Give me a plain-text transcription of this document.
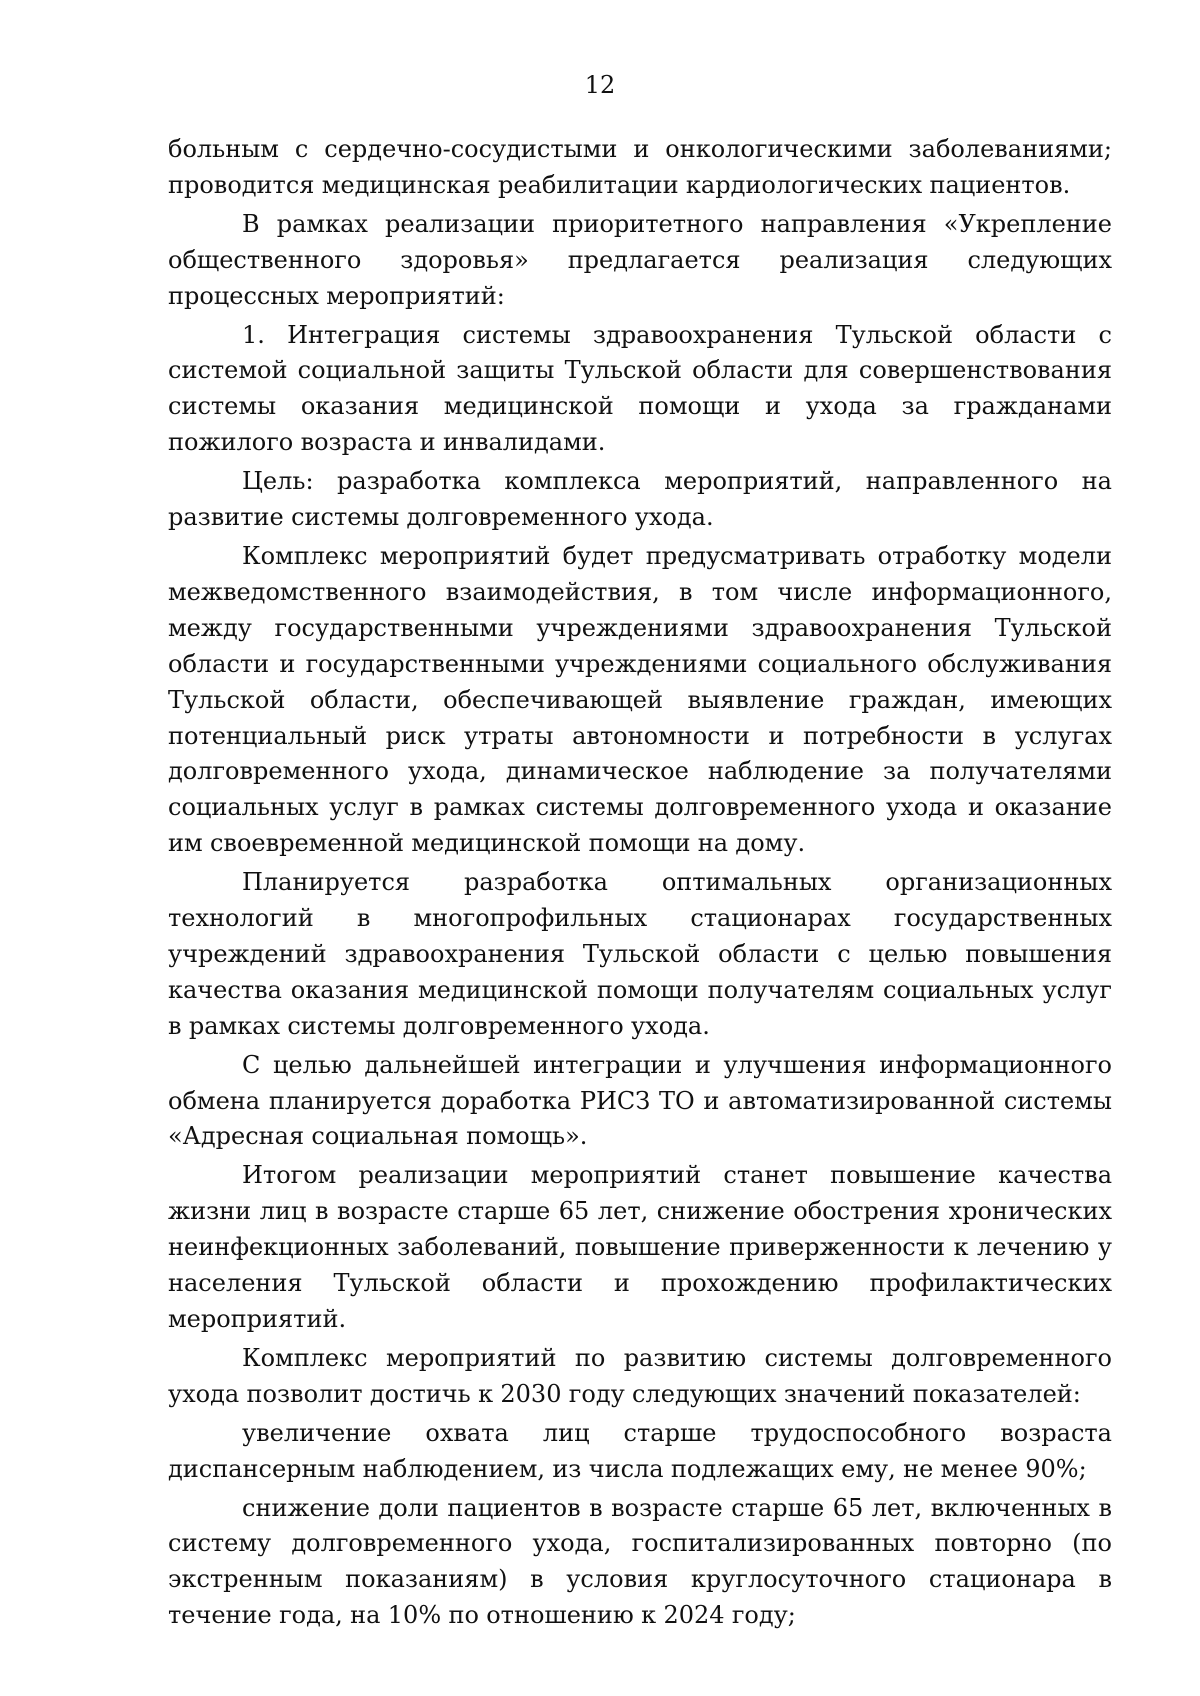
12

больным с сердечно-сосудистыми и онкологическими заболеваниями; проводится медицинская реабилитации кардиологических пациентов.

В рамках реализации приоритетного направления «Укрепление общественного здоровья» предлагается реализация следующих процессных мероприятий:

1. Интеграция системы здравоохранения Тульской области с системой социальной защиты Тульской области для совершенствования системы оказания медицинской помощи и ухода за гражданами пожилого возраста и инвалидами.

Цель: разработка комплекса мероприятий, направленного на развитие системы долговременного ухода.

Комплекс мероприятий будет предусматривать отработку модели межведомственного взаимодействия, в том числе информационного, между государственными учреждениями здравоохранения Тульской области и государственными учреждениями социального обслуживания Тульской области, обеспечивающей выявление граждан, имеющих потенциальный риск утраты автономности и потребности в услугах долговременного ухода, динамическое наблюдение за получателями социальных услуг в рамках системы долговременного ухода и оказание им своевременной медицинской помощи на дому.

Планируется разработка оптимальных организационных технологий в многопрофильных стационарах государственных учреждений здравоохранения Тульской области с целью повышения качества оказания медицинской помощи получателям социальных услуг в рамках системы долговременного ухода.

С целью дальнейшей интеграции и улучшения информационного обмена планируется доработка РИСЗ ТО и автоматизированной системы «Адресная социальная помощь».

Итогом реализации мероприятий станет повышение качества жизни лиц в возрасте старше 65 лет, снижение обострения хронических неинфекционных заболеваний, повышение приверженности к лечению у населения Тульской области и прохождению профилактических мероприятий.

Комплекс мероприятий по развитию системы долговременного ухода позволит достичь к 2030 году следующих значений показателей:

увеличение охвата лиц старше трудоспособного возраста диспансерным наблюдением, из числа подлежащих ему, не менее 90%;

снижение доли пациентов в возрасте старше 65 лет, включенных в систему долговременного ухода, госпитализированных повторно (по экстренным показаниям) в условия круглосуточного стационара в течение года, на 10% по отношению к 2024 году;
